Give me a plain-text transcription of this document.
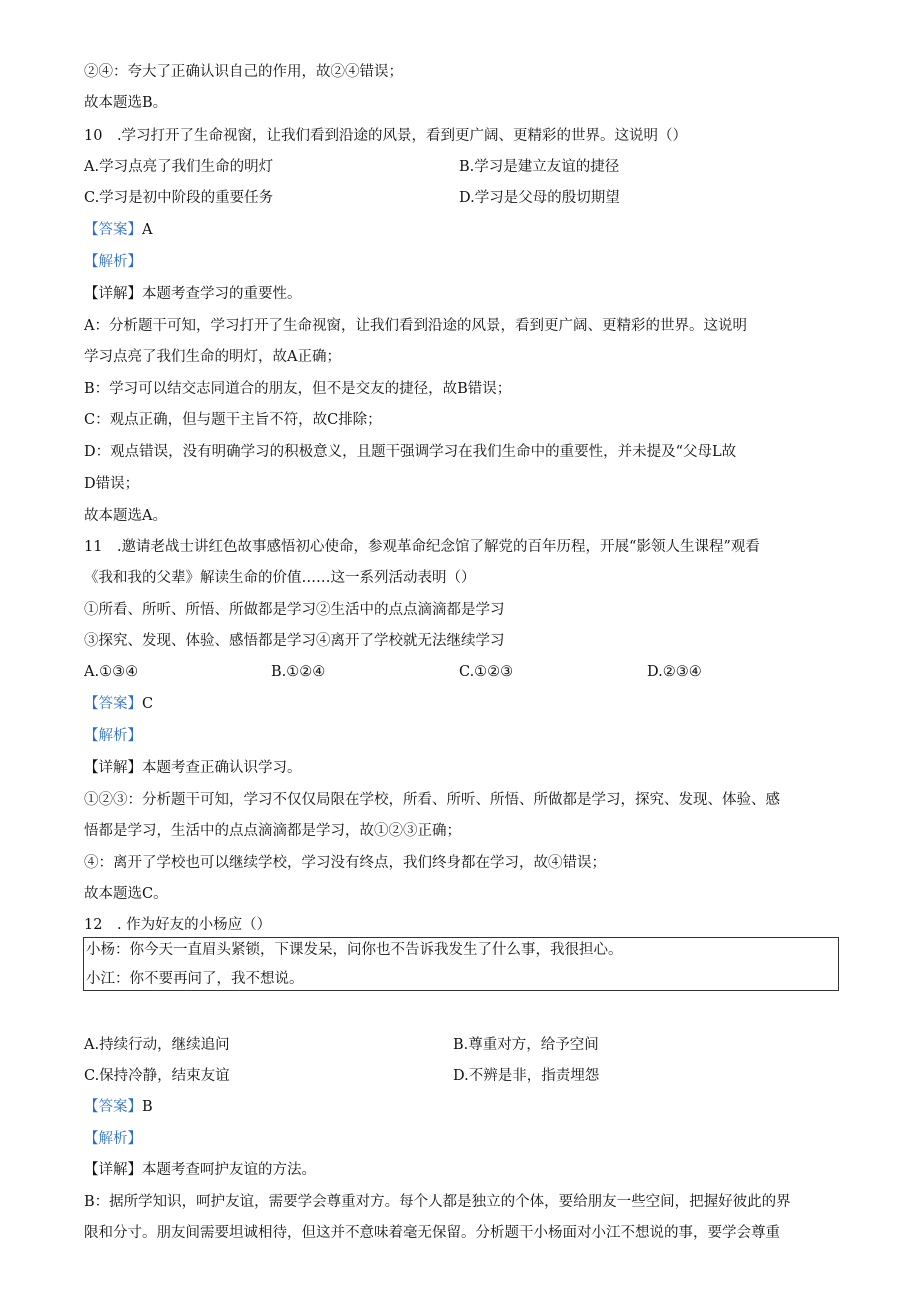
②④：夸大了正确认识自己的作用，故②④错误；
故本题选B。
10　.学习打开了生命视窗，让我们看到沿途的风景，看到更广阔、更精彩的世界。这说明（）
A.学习点亮了我们生命的明灯	B.学习是建立友谊的捷径
C.学习是初中阶段的重要任务	D.学习是父母的殷切期望
【答案】A
【解析】
【详解】本题考查学习的重要性。
A：分析题干可知，学习打开了生命视窗，让我们看到沿途的风景，看到更广阔、更精彩的世界。这说明
学习点亮了我们生命的明灯，故A正确；
B：学习可以结交志同道合的朋友，但不是交友的捷径，故B错误；
C：观点正确，但与题干主旨不符，故C排除；
D：观点错误，没有明确学习的积极意义，且题干强调学习在我们生命中的重要性，并未提及“父母L故
D错误；
故本题选A。
11　.邀请老战士讲红色故事感悟初心使命，参观革命纪念馆了解党的百年历程，开展“影领人生课程”观看
《我和我的父辈》解读生命的价值……这一系列活动表明（）
①所看、所听、所悟、所做都是学习②生活中的点点滴滴都是学习
③探究、发现、体验、感悟都是学习④离开了学校就无法继续学习
A.①③④	B.①②④	C.①②③	D.②③④
【答案】C
【解析】
【详解】本题考查正确认识学习。
①②③：分析题干可知，学习不仅仅局限在学校，所看、所听、所悟、所做都是学习，探究、发现、体验、感
悟都是学习，生活中的点点滴滴都是学习，故①②③正确；
④：离开了学校也可以继续学校，学习没有终点，我们终身都在学习，故④错误；
故本题选C。
12　. 作为好友的小杨应（）
小杨：你今天一直眉头紧锁，下课发呆，问你也不告诉我发生了什么事，我很担心。
小江：你不要再问了，我不想说。
A.持续行动，继续追问	B.尊重对方，给予空间
C.保持冷静，结束友谊	D.不辨是非，指责埋怨
【答案】B
【解析】
【详解】本题考查呵护友谊的方法。
B：据所学知识，呵护友谊，需要学会尊重对方。每个人都是独立的个体，要给朋友一些空间，把握好彼此的界
限和分寸。朋友间需要坦诚相待，但这并不意味着毫无保留。分析题干小杨面对小江不想说的事，要学会尊重
